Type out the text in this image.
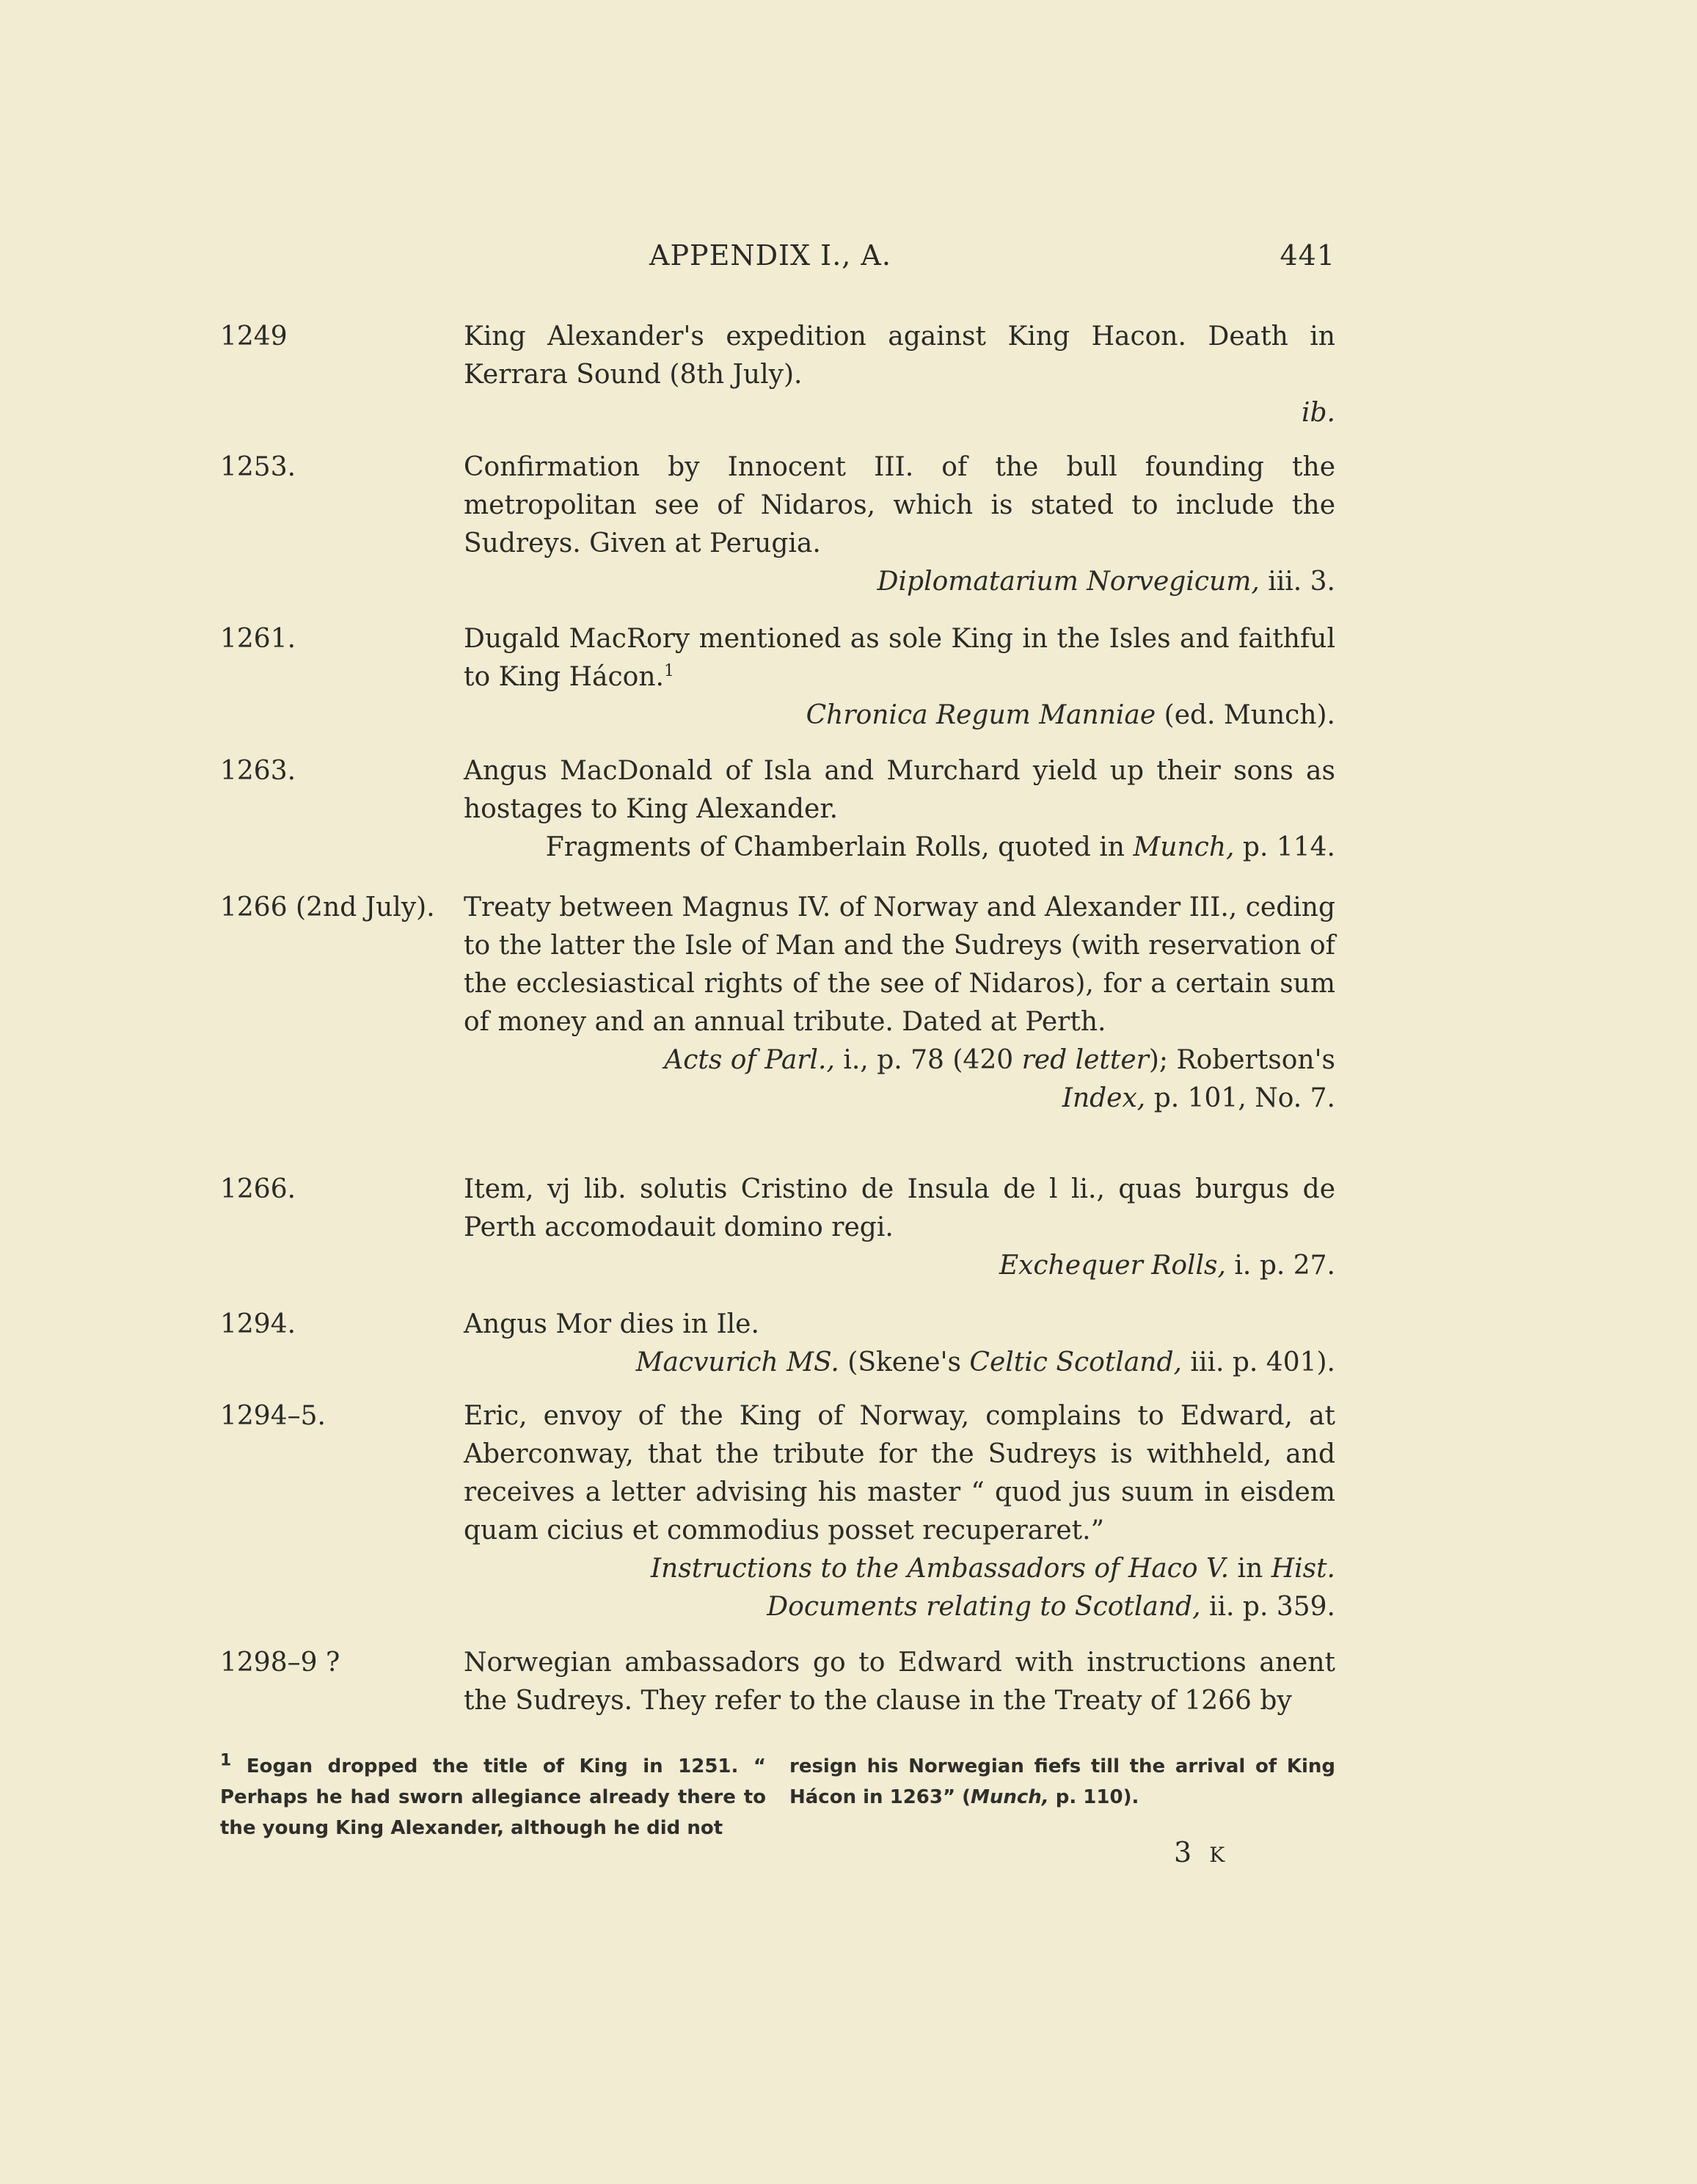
APPENDIX I., A.	441
1249	King Alexander's expedition against King Hacon. Death in Kerrara Sound (8th July).

ib.

1253.	Confirmation by Innocent III. of the bull founding the metropolitan see of Nidaros, which is stated to include the Sudreys. Given at Perugia.

Diplomatarium Norvegicum, iii. 3.

1261.	Dugald MacRory mentioned as sole King in the Isles and faithful to King Hácon.$^1$

Chronica Regum Manniae (ed. Munch).

1263.	Angus MacDonald of Isla and Murchard yield up their sons as hostages to King Alexander.

Fragments of Chamberlain Rolls, quoted in Munch, p. 114.

1266 (2nd July). Treaty between Magnus IV. of Norway and Alexander III., ceding to the latter the Isle of Man and the Sudreys (with reservation of the ecclesiastical rights of the see of Nidaros), for a certain sum of money and an annual tribute. Dated at Perth.

Acts of Parl., i., p. 78 (420 red letter); Robertson's
Index, p. 101, No. 7.

1266.	Item, vj lib. solutis Cristino de Insula de l li., quas burgus de Perth accomodauit domino regi.

Exchequer Rolls, i. p. 27.

1294.	Angus Mor dies in Ile.

Macvurich MS. (Skene's Celtic Scotland, iii. p. 401).

1294–5.	Eric, envoy of the King of Norway, complains to Edward, at Aberconway, that the tribute for the Sudreys is withheld, and receives a letter advising his master “ quod jus suum in eisdem quam cicius et commodius posset recuperaret.”

Instructions to the Ambassadors of Haco V. in Hist.
Documents relating to Scotland, ii. p. 359.

1298–9 ?	Norwegian ambassadors go to Edward with instructions anent the Sudreys. They refer to the clause in the Treaty of 1266 by

$^1$ Eogan dropped the title of King in 1251. “ Perhaps he had sworn allegiance already there to the young King Alexander, although he did not

resign his Norwegian fiefs till the arrival of King Hácon in 1263” (Munch, p. 110).

3 K
